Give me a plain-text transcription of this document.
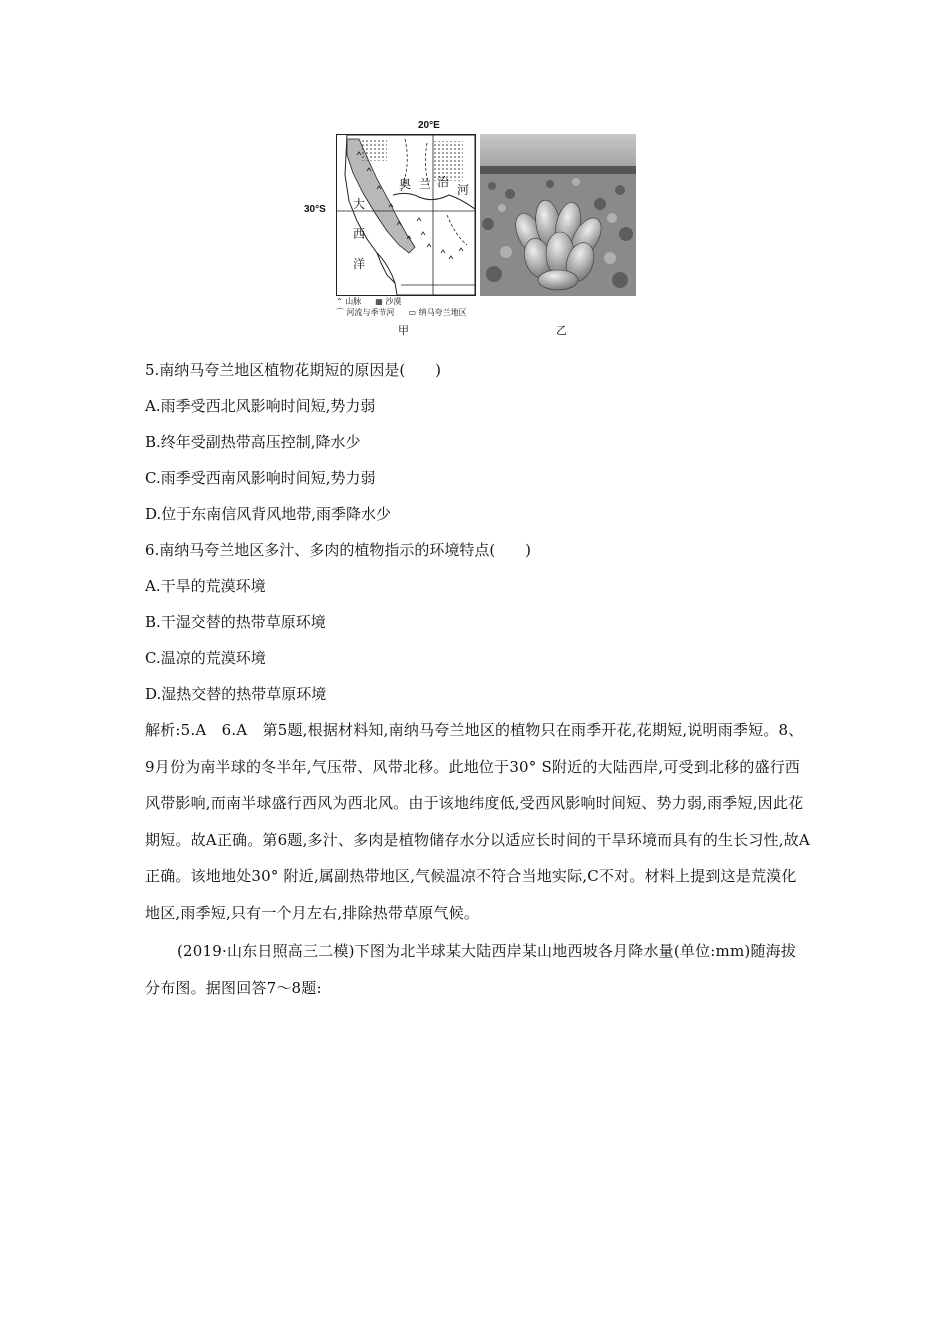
20°E
30°S 大
西
洋
奥 兰 治
河
⌃ 山脉 ▦ 沙漠
⌒ 河流与季节河 ▭ 纳马夸兰地区
甲	乙
5.南纳马夸兰地区植物花期短的原因是(　　)
A.雨季受西北风影响时间短,势力弱
B.终年受副热带高压控制,降水少
C.雨季受西南风影响时间短,势力弱
D.位于东南信风背风地带,雨季降水少
6.南纳马夸兰地区多汁、多肉的植物指示的环境特点(　　)
A.干旱的荒漠环境
B.干湿交替的热带草原环境
C.温凉的荒漠环境
D.湿热交替的热带草原环境
解析:5.A　6.A　第5题,根据材料知,南纳马夸兰地区的植物只在雨季开花,花期短,说明雨季短。8、9月份为南半球的冬半年,气压带、风带北移。此地位于30° S附近的大陆西岸,可受到北移的盛行西风带影响,而南半球盛行西风为西北风。由于该地纬度低,受西风影响时间短、势力弱,雨季短,因此花期短。故A正确。第6题,多汁、多肉是植物储存水分以适应长时间的干旱环境而具有的生长习性,故A正确。该地地处30° 附近,属副热带地区,气候温凉不符合当地实际,C不对。材料上提到这是荒漠化地区,雨季短,只有一个月左右,排除热带草原气候。
(2019·山东日照高三二模)下图为北半球某大陆西岸某山地西坡各月降水量(单位:mm)随海拔分布图。据图回答7～8题:
